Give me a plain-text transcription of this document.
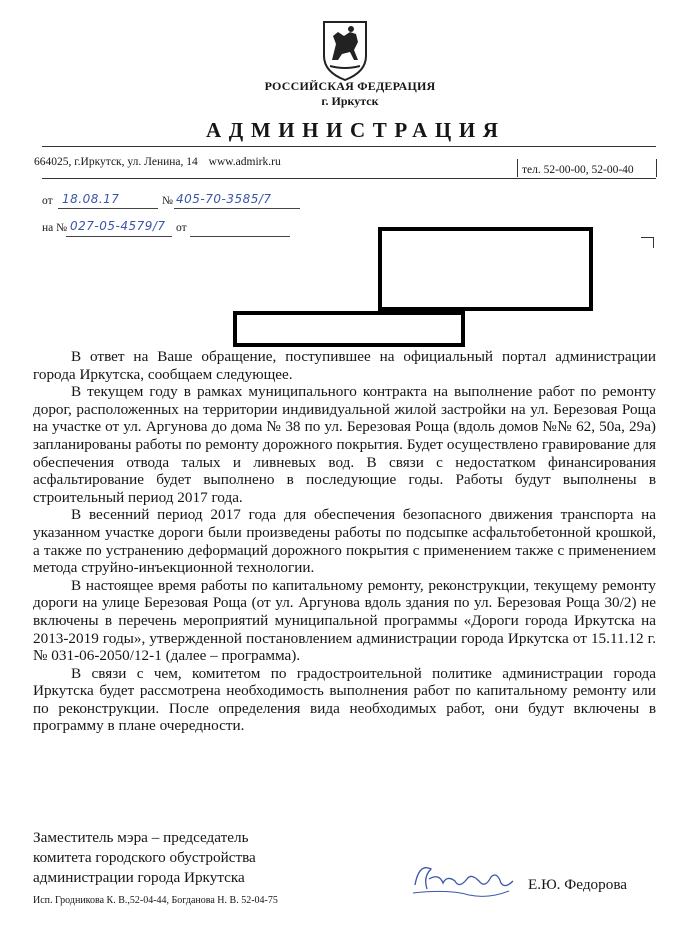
РОССИЙСКАЯ ФЕДЕРАЦИЯ
г. Иркутск
АДМИНИСТРАЦИЯ
664025, г.Иркутск, ул. Ленина, 14 www.admirk.ru
тел. 52-00-00, 52-00-40
от 18.08.17	№ 405-70-3585/7
на № 027-05-4579/7 от

В ответ на Ваше обращение, поступившее на официальный портал администрации города Иркутска, сообщаем следующее.

В текущем году в рамках муниципального контракта на выполнение работ по ремонту дорог, расположенных на территории индивидуальной жилой застройки на ул. Березовая Роща на участке от ул. Аргунова до дома № 38 по ул. Березовая Роща (вдоль домов №№ 62, 50а, 29а) запланированы работы по ремонту дорожного покрытия. Будет осуществлено гравирование для обеспечения отвода талых и ливневых вод. В связи с недостатком финансирования асфальтирование будет выполнено в последующие годы. Работы будут выполнены в строительный период 2017 года.

В весенний период 2017 года для обеспечения безопасного движения транспорта на указанном участке дороги были произведены работы по подсыпке асфальтобетонной крошкой, а также по устранению деформаций дорожного покрытия с применением также с применением метода струйно-инъекционной технологии.

В настоящее время работы по капитальному ремонту, реконструкции, текущему ремонту дороги на улице Березовая Роща (от ул. Аргунова вдоль здания по ул. Березовая Роща 30/2) не включены в перечень мероприятий муниципальной программы «Дороги города Иркутска на 2013-2019 годы», утвержденной постановлением администрации города Иркутска от 15.11.12 г. № 031-06-2050/12-1 (далее – программа).

В связи с чем, комитетом по градостроительной политике администрации города Иркутска будет рассмотрена необходимость выполнения работ по капитальному ремонту или по реконструкции. После определения вида необходимых работ, они будут включены в программу в плане очередности.

Заместитель мэра – председатель
комитета городского обустройства
администрации города Иркутска	Е.Ю. Федорова
Исп. Гродникова К. В.,52-04-44, Богданова Н. В. 52-04-75
